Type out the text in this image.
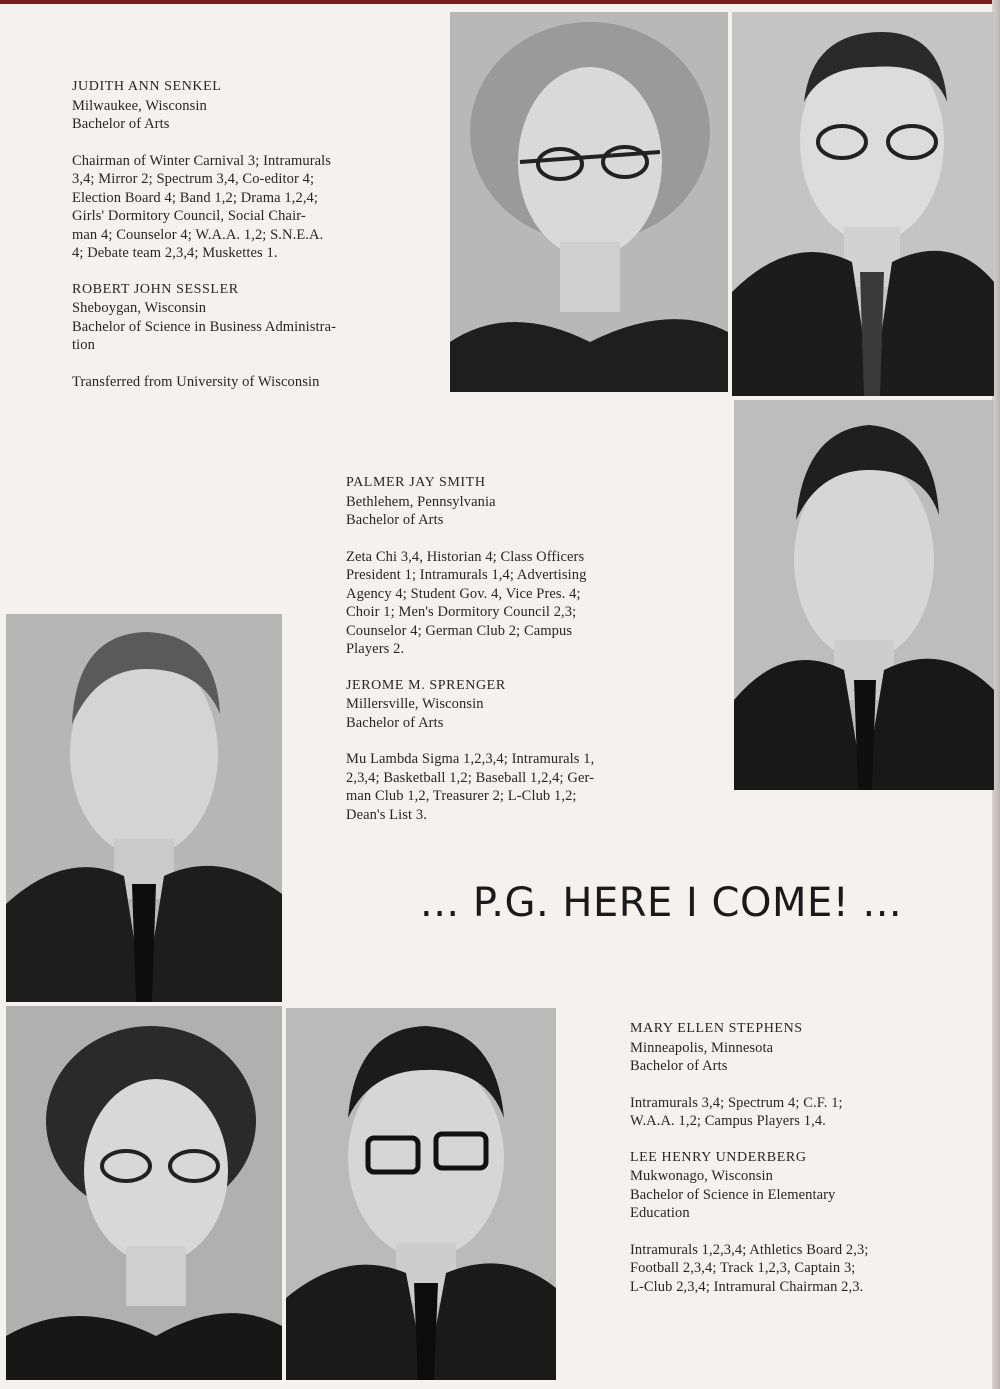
JUDITH ANN SENKEL

Milwaukee, Wisconsin

Bachelor of Arts

Chairman of Winter Carnival 3; Intramurals

3,4; Mirror 2; Spectrum 3,4, Co-editor 4;

Election Board 4; Band 1,2; Drama 1,2,4;

Girls' Dormitory Council, Social Chair-

man 4; Counselor 4; W.A.A. 1,2; S.N.E.A.

4; Debate team 2,3,4; Muskettes 1.

ROBERT JOHN SESSLER

Sheboygan, Wisconsin

Bachelor of Science in Business Administra-

tion

Transferred from University of Wisconsin

PALMER JAY SMITH

Bethlehem, Pennsylvania

Bachelor of Arts

Zeta Chi 3,4, Historian 4; Class Officers

President 1; Intramurals 1,4; Advertising

Agency 4; Student Gov. 4, Vice Pres. 4;

Choir 1; Men's Dormitory Council 2,3;

Counselor 4; German Club 2; Campus

Players 2.

JEROME M. SPRENGER

Millersville, Wisconsin

Bachelor of Arts

Mu Lambda Sigma 1,2,3,4; Intramurals 1,

2,3,4; Basketball 1,2; Baseball 1,2,4; Ger-

man Club 1,2, Treasurer 2; L-Club 1,2;

Dean's List 3.

MARY ELLEN STEPHENS

Minneapolis, Minnesota

Bachelor of Arts

Intramurals 3,4; Spectrum 4; C.F. 1;

W.A.A. 1,2; Campus Players 1,4.

LEE HENRY UNDERBERG

Mukwonago, Wisconsin

Bachelor of Science in Elementary

Education

Intramurals 1,2,3,4; Athletics Board 2,3;

Football 2,3,4; Track 1,2,3, Captain 3;

L-Club 2,3,4; Intramural Chairman 2,3.

... P.G. HERE I COME! ...
